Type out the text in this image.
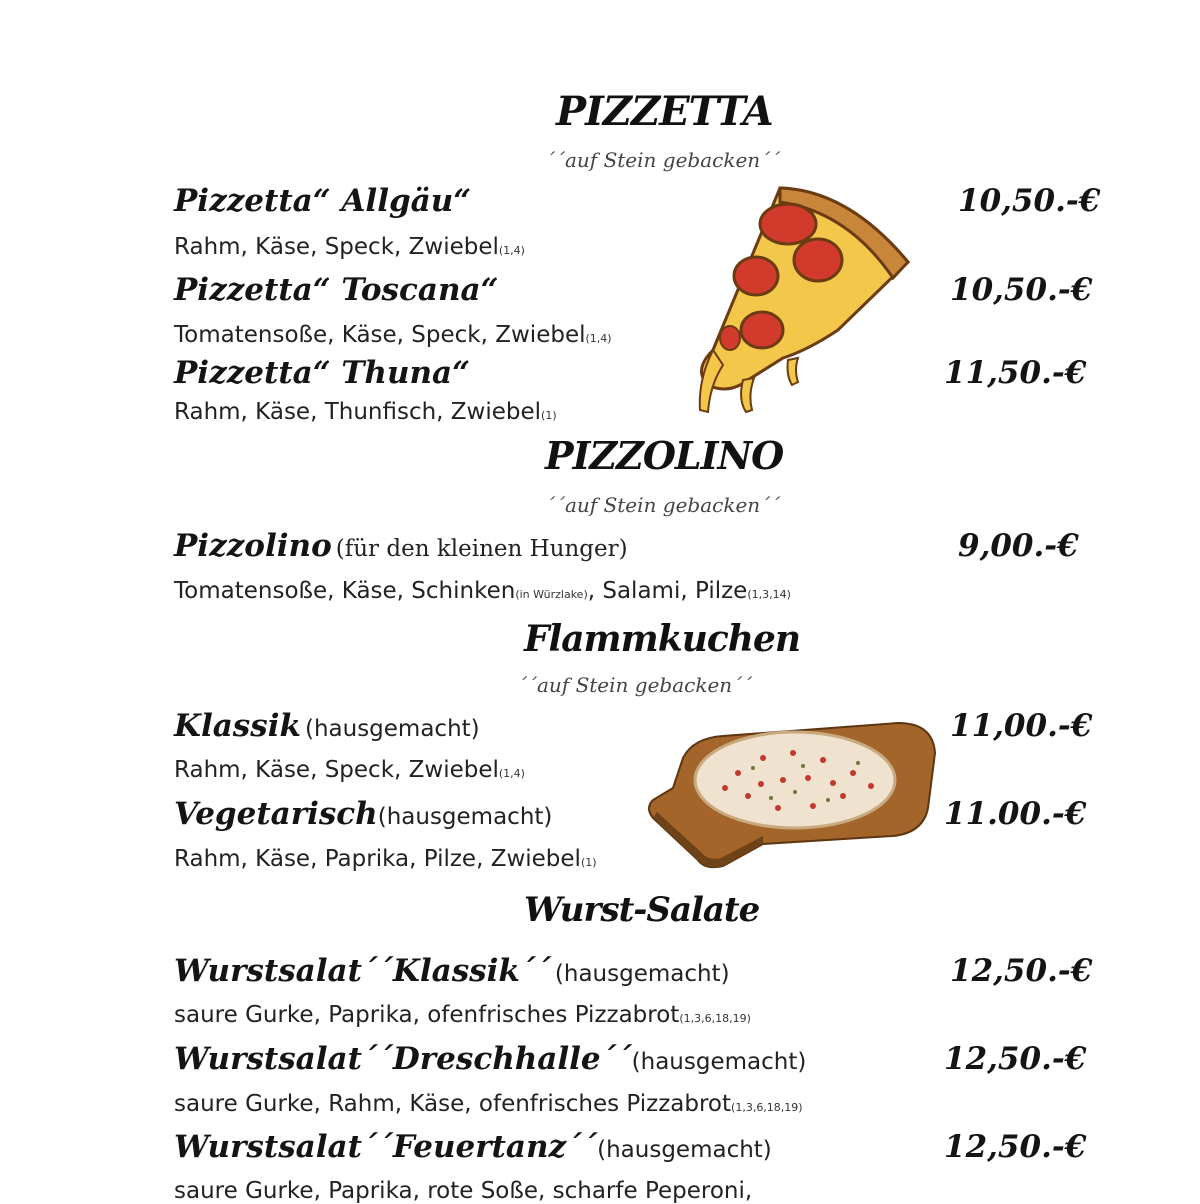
PIZZETTA
´´auf Stein gebacken´´
Pizzetta“ Allgäu“	10,50.-€
Rahm, Käse, Speck, Zwiebel(1,4)
Pizzetta“ Toscana“	10,50.-€
Tomatensoße, Käse, Speck, Zwiebel(1,4)
Pizzetta“ Thuna“	11,50.-€
Rahm, Käse, Thunfisch, Zwiebel(1)
PIZZOLINO
´´auf Stein gebacken´´
Pizzolino (für den kleinen Hunger)	9,00.-€
Tomatensoße, Käse, Schinken(in Würzlake), Salami, Pilze(1,3,14)
Flammkuchen
´´auf Stein gebacken´´
Klassik (hausgemacht)	11,00.-€
Rahm, Käse, Speck, Zwiebel(1,4)
Vegetarisch(hausgemacht)	11.00.-€
Rahm, Käse, Paprika, Pilze, Zwiebel(1)
Wurst-Salate
Wurstsalat´´Klassik´´ (hausgemacht)	12,50.-€
saure Gurke, Paprika, ofenfrisches Pizzabrot(1,3,6,18,19)
Wurstsalat´´Dreschhalle´´(hausgemacht)	12,50.-€
saure Gurke, Rahm, Käse, ofenfrisches Pizzabrot(1,3,6,18,19)
Wurstsalat´´Feuertanz´´(hausgemacht)	12,50.-€
saure Gurke, Paprika, rote Soße, scharfe Peperoni,
